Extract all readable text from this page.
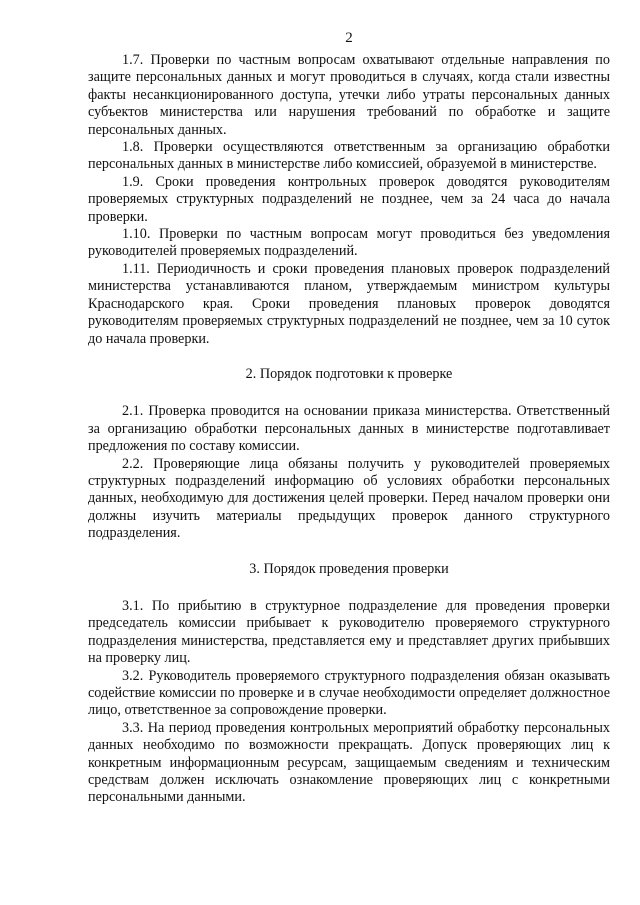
2

1.7. Проверки по частным вопросам охватывают отдельные направления по защите персональных данных и могут проводиться в случаях, когда стали известны факты несанкционированного доступа, утечки либо утраты персональных данных субъектов министерства или нарушения требований по обработке и защите персональных данных.

1.8. Проверки осуществляются ответственным за организацию обработки персональных данных в министерстве либо комиссией, образуемой в министерстве.

1.9. Сроки проведения контрольных проверок доводятся руководителям проверяемых структурных подразделений не позднее, чем за 24 часа до начала проверки.

1.10. Проверки по частным вопросам могут проводиться без уведомления руководителей проверяемых подразделений.

1.11. Периодичность и сроки проведения плановых проверок подразделений министерства устанавливаются планом, утверждаемым министром культуры Краснодарского края. Сроки проведения плановых проверок доводятся руководителям проверяемых структурных подразделений не позднее, чем за 10 суток до начала проверки.

2. Порядок подготовки к проверке

2.1. Проверка проводится на основании приказа министерства. Ответственный за организацию обработки персональных данных в министерстве подготавливает предложения по составу комиссии.

2.2. Проверяющие лица обязаны получить у руководителей проверяемых структурных подразделений информацию об условиях обработки персональных данных, необходимую для достижения целей проверки. Перед началом проверки они должны изучить материалы предыдущих проверок данного структурного подразделения.

3. Порядок проведения проверки

3.1. По прибытию в структурное подразделение для проведения проверки председатель комиссии прибывает к руководителю проверяемого структурного подразделения министерства, представляется ему и представляет других прибывших на проверку лиц.

3.2. Руководитель проверяемого структурного подразделения обязан оказывать содействие комиссии по проверке и в случае необходимости определяет должностное лицо, ответственное за сопровождение проверки.

3.3. На период проведения контрольных мероприятий обработку персональных данных необходимо по возможности прекращать. Допуск проверяющих лиц к конкретным информационным ресурсам, защищаемым сведениям и техническим средствам должен исключать ознакомление проверяющих лиц с конкретными персональными данными.
